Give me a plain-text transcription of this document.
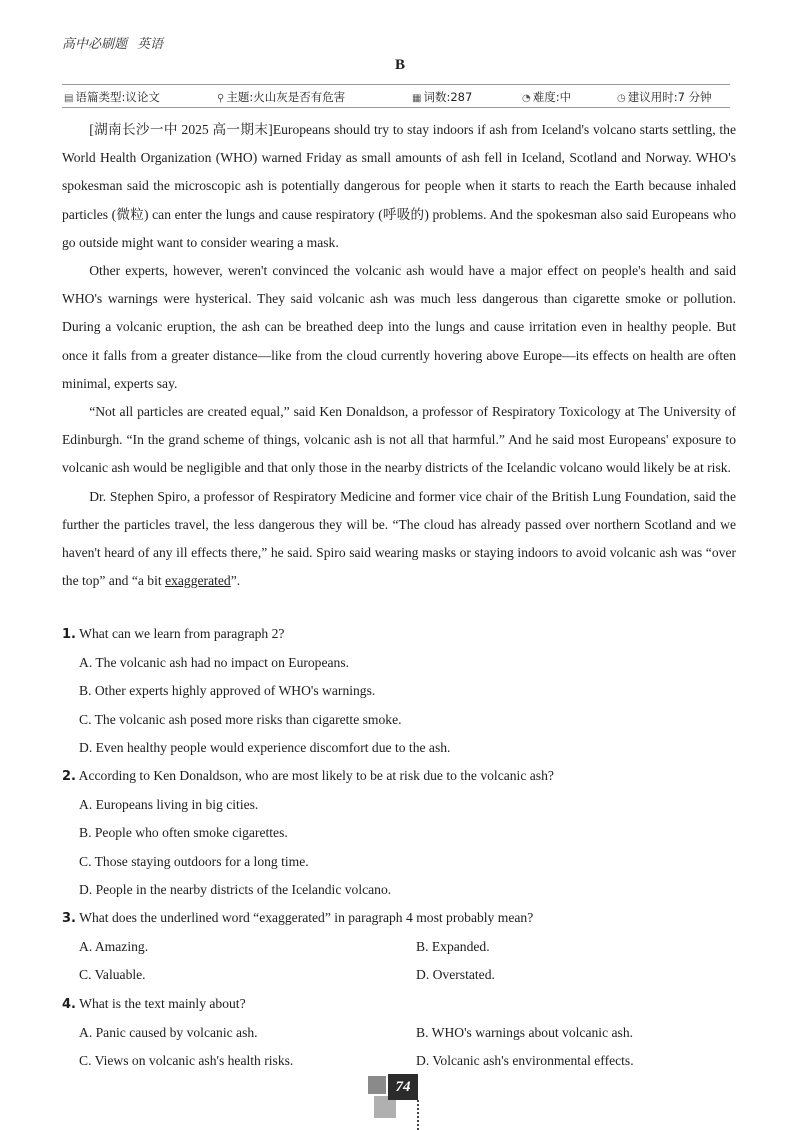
高中必刷题 英语
B
▤ 语篇类型:议论文	⚲ 主题:火山灰是否有危害	▦ 词数:287	◔ 难度:中	◷ 建议用时:7 分钟

[湖南长沙一中 2025 高一期末]Europeans should try to stay indoors if ash from Iceland's volcano starts settling, the World Health Organization (WHO) warned Friday as small amounts of ash fell in Iceland, Scotland and Norway. WHO's spokesman said the microscopic ash is potentially dangerous for people when it starts to reach the Earth because inhaled particles (微粒) can enter the lungs and cause respiratory (呼吸的) problems. And the spokesman also said Europeans who go outside might want to consider wearing a mask.

Other experts, however, weren't convinced the volcanic ash would have a major effect on people's health and said WHO's warnings were hysterical. They said volcanic ash was much less dangerous than cigarette smoke or pollution. During a volcanic eruption, the ash can be breathed deep into the lungs and cause irritation even in healthy people. But once it falls from a greater distance—like from the cloud currently hovering above Europe—its effects on health are often minimal, experts say.

“Not all particles are created equal,” said Ken Donaldson, a professor of Respiratory Toxicology at The University of Edinburgh. “In the grand scheme of things, volcanic ash is not all that harmful.” And he said most Europeans' exposure to volcanic ash would be negligible and that only those in the nearby districts of the Icelandic volcano would likely be at risk.

Dr. Stephen Spiro, a professor of Respiratory Medicine and former vice chair of the British Lung Foundation, said the further the particles travel, the less dangerous they will be. “The cloud has already passed over northern Scotland and we haven't heard of any ill effects there,” he said. Spiro said wearing masks or staying indoors to avoid volcanic ash was “over the top” and “a bit exaggerated”.

1. What can we learn from paragraph 2?
A. The volcanic ash had no impact on Europeans.
B. Other experts highly approved of WHO's warnings.
C. The volcanic ash posed more risks than cigarette smoke.
D. Even healthy people would experience discomfort due to the ash.
2. According to Ken Donaldson, who are most likely to be at risk due to the volcanic ash?
A. Europeans living in big cities.
B. People who often smoke cigarettes.
C. Those staying outdoors for a long time.
D. People in the nearby districts of the Icelandic volcano.
3. What does the underlined word “exaggerated” in paragraph 4 most probably mean?
A. Amazing.	B. Expanded.
C. Valuable.	D. Overstated.
4. What is the text mainly about?
A. Panic caused by volcanic ash.	B. WHO's warnings about volcanic ash.
C. Views on volcanic ash's health risks.	D. Volcanic ash's environmental effects.
74
